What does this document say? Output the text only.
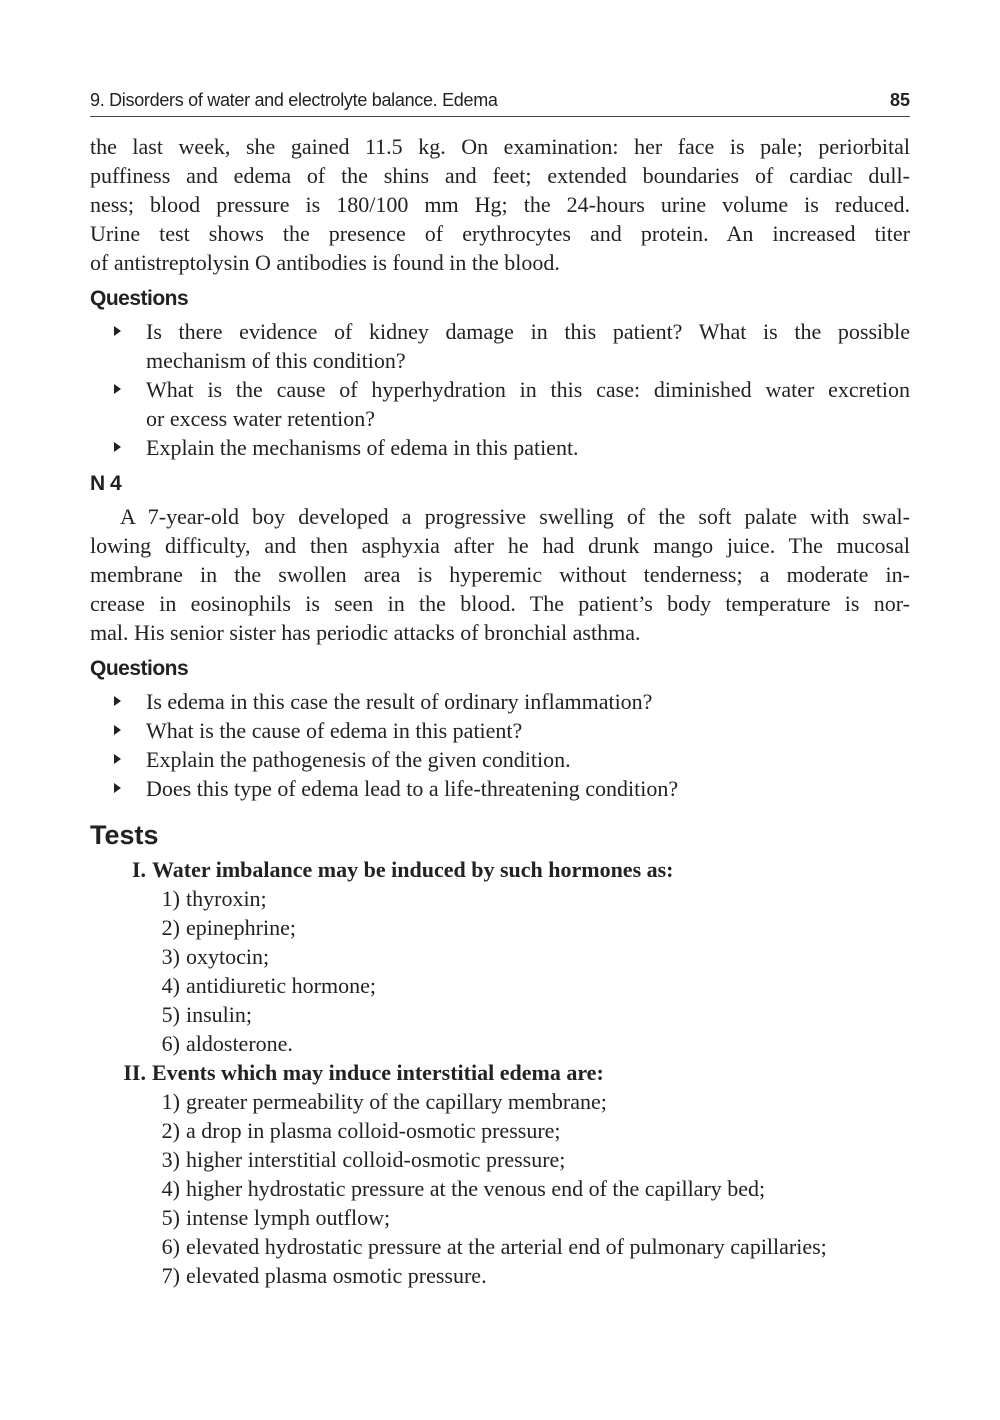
9. Disorders of water and electrolyte balance. Edema	85
the last week, she gained 11.5 kg. On examination: her face is pale; periorbital
puffiness and edema of the shins and feet; extended boundaries of cardiac dull-
ness; blood pressure is 180/100 mm Hg; the 24-hours urine volume is reduced.
Urine test shows the presence of erythrocytes and protein. An increased titer
of antistreptolysin O antibodies is found in the blood.
Questions
Is there evidence of kidney damage in this patient? What is the possible
mechanism of this condition?
What is the cause of hyperhydration in this case: diminished water excretion
or excess water retention?
Explain the mechanisms of edema in this patient.
N 4
A 7-year-old boy developed a progressive swelling of the soft palate with swal-
lowing difficulty, and then asphyxia after he had drunk mango juice. The mucosal
membrane in the swollen area is hyperemic without tenderness; a moderate in-
crease in eosinophils is seen in the blood. The patient’s body temperature is nor-
mal. His senior sister has periodic attacks of bronchial asthma.
Questions
Is edema in this case the result of ordinary inflammation?
What is the cause of edema in this patient?
Explain the pathogenesis of the given condition.
Does this type of edema lead to a life-threatening condition?
Tests
I. Water imbalance may be induced by such hormones as:
1) thyroxin;
2) epinephrine;
3) oxytocin;
4) antidiuretic hormone;
5) insulin;
6) aldosterone.
II. Events which may induce interstitial edema are:
1) greater permeability of the capillary membrane;
2) a drop in plasma colloid-osmotic pressure;
3) higher interstitial colloid-osmotic pressure;
4) higher hydrostatic pressure at the venous end of the capillary bed;
5) intense lymph outflow;
6) elevated hydrostatic pressure at the arterial end of pulmonary capillaries;
7) elevated plasma osmotic pressure.
